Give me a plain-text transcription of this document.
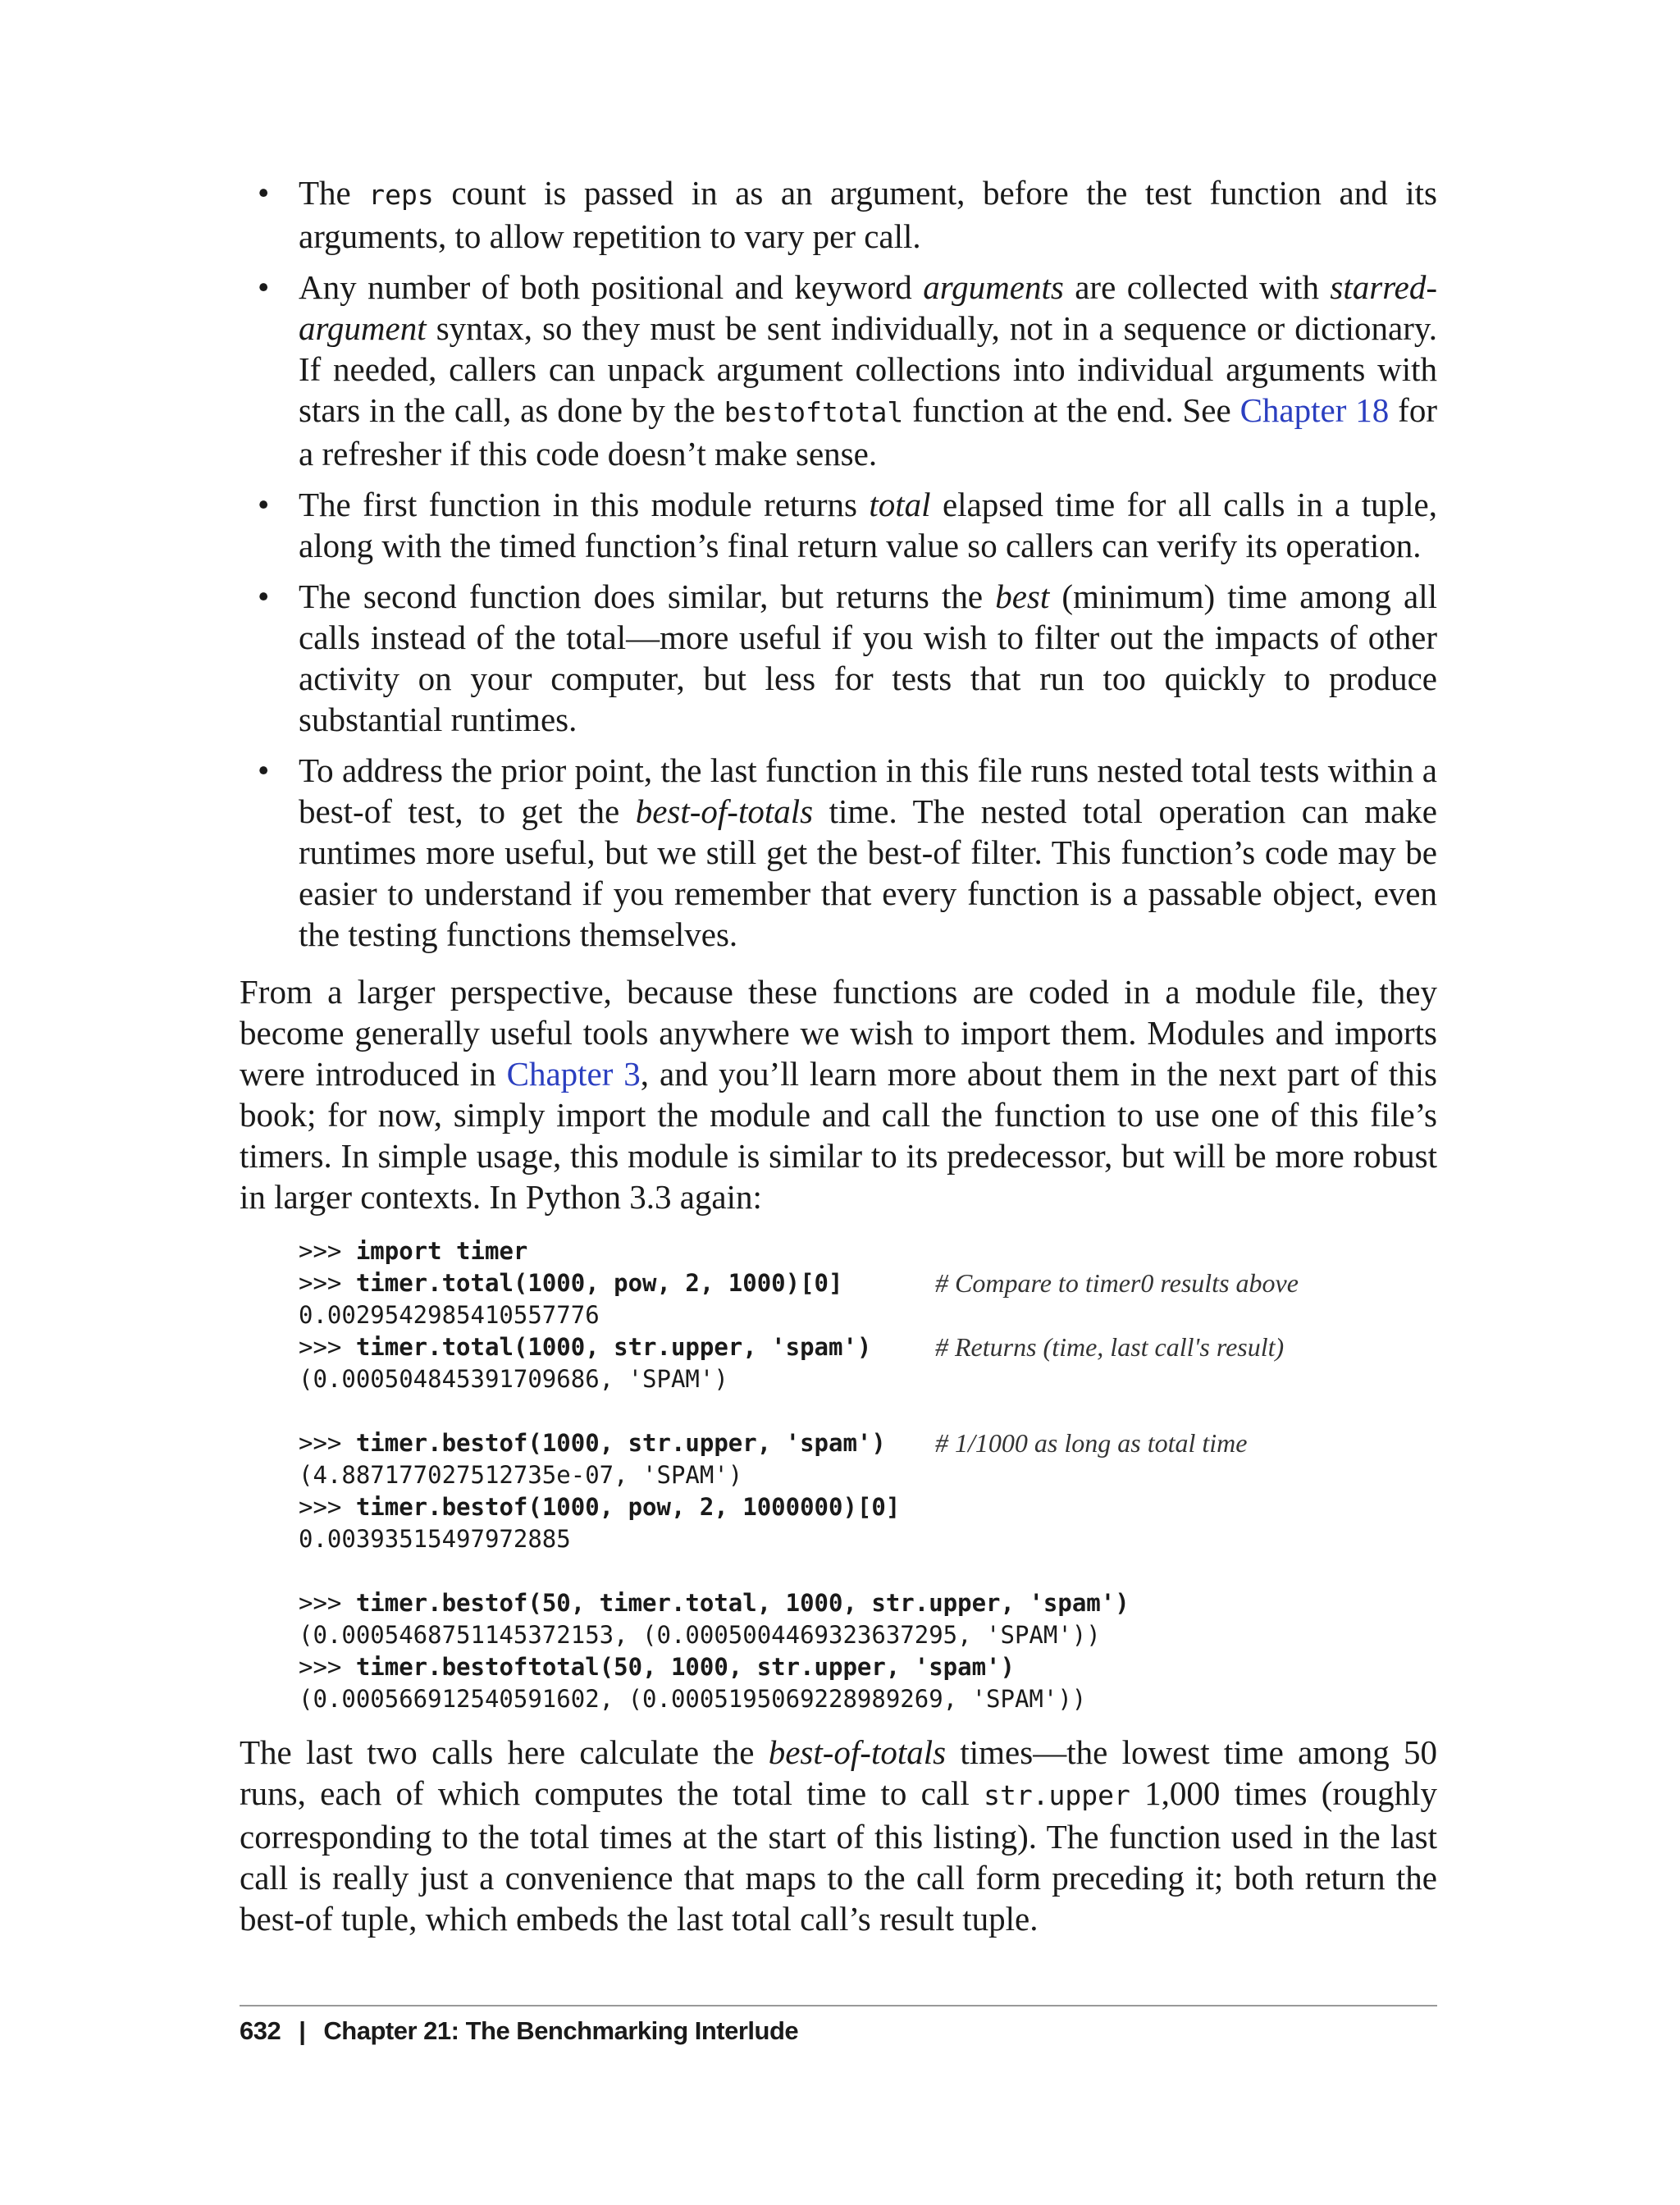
• The reps count is passed in as an argument, before the test function and its arguments, to allow repetition to vary per call.
• Any number of both positional and keyword arguments are collected with starred-argument syntax, so they must be sent individually, not in a sequence or dictionary. If needed, callers can unpack argument collections into individual arguments with stars in the call, as done by the bestoftotal function at the end. See Chapter 18 for a refresher if this code doesn’t make sense.
• The first function in this module returns total elapsed time for all calls in a tuple, along with the timed function’s final return value so callers can verify its operation.
• The second function does similar, but returns the best (minimum) time among all calls instead of the total—more useful if you wish to filter out the impacts of other activity on your computer, but less for tests that run too quickly to produce substantial runtimes.
• To address the prior point, the last function in this file runs nested total tests within a best-of test, to get the best-of-totals time. The nested total operation can make runtimes more useful, but we still get the best-of filter. This function’s code may be easier to understand if you remember that every function is a passable object, even the testing functions themselves.

From a larger perspective, because these functions are coded in a module file, they become generally useful tools anywhere we wish to import them. Modules and imports were introduced in Chapter 3, and you’ll learn more about them in the next part of this book; for now, simply import the module and call the function to use one of this file’s timers. In simple usage, this module is similar to its predecessor, but will be more robust in larger contexts. In Python 3.3 again:

>>> import timer
>>> timer.total(1000, pow, 2, 1000)[0]	# Compare to timer0 results above
0.0029542985410557776
>>> timer.total(1000, str.upper, 'spam') # Returns (time, last call's result)
(0.000504845391709686, 'SPAM')
>>> timer.bestof(1000, str.upper, 'spam') # 1/1000 as long as total time
(4.887177027512735e-07, 'SPAM')
>>> timer.bestof(1000, pow, 2, 1000000)[0]
0.00393515497972885
>>> timer.bestof(50, timer.total, 1000, str.upper, 'spam')
(0.0005468751145372153, (0.0005004469323637295, 'SPAM'))
>>> timer.bestoftotal(50, 1000, str.upper, 'spam')
(0.000566912540591602, (0.0005195069228989269, 'SPAM'))

The last two calls here calculate the best-of-totals times—the lowest time among 50 runs, each of which computes the total time to call str.upper 1,000 times (roughly corresponding to the total times at the start of this listing). The function used in the last call is really just a convenience that maps to the call form preceding it; both return the best-of tuple, which embeds the last total call’s result tuple.

632 | Chapter 21: The Benchmarking Interlude
